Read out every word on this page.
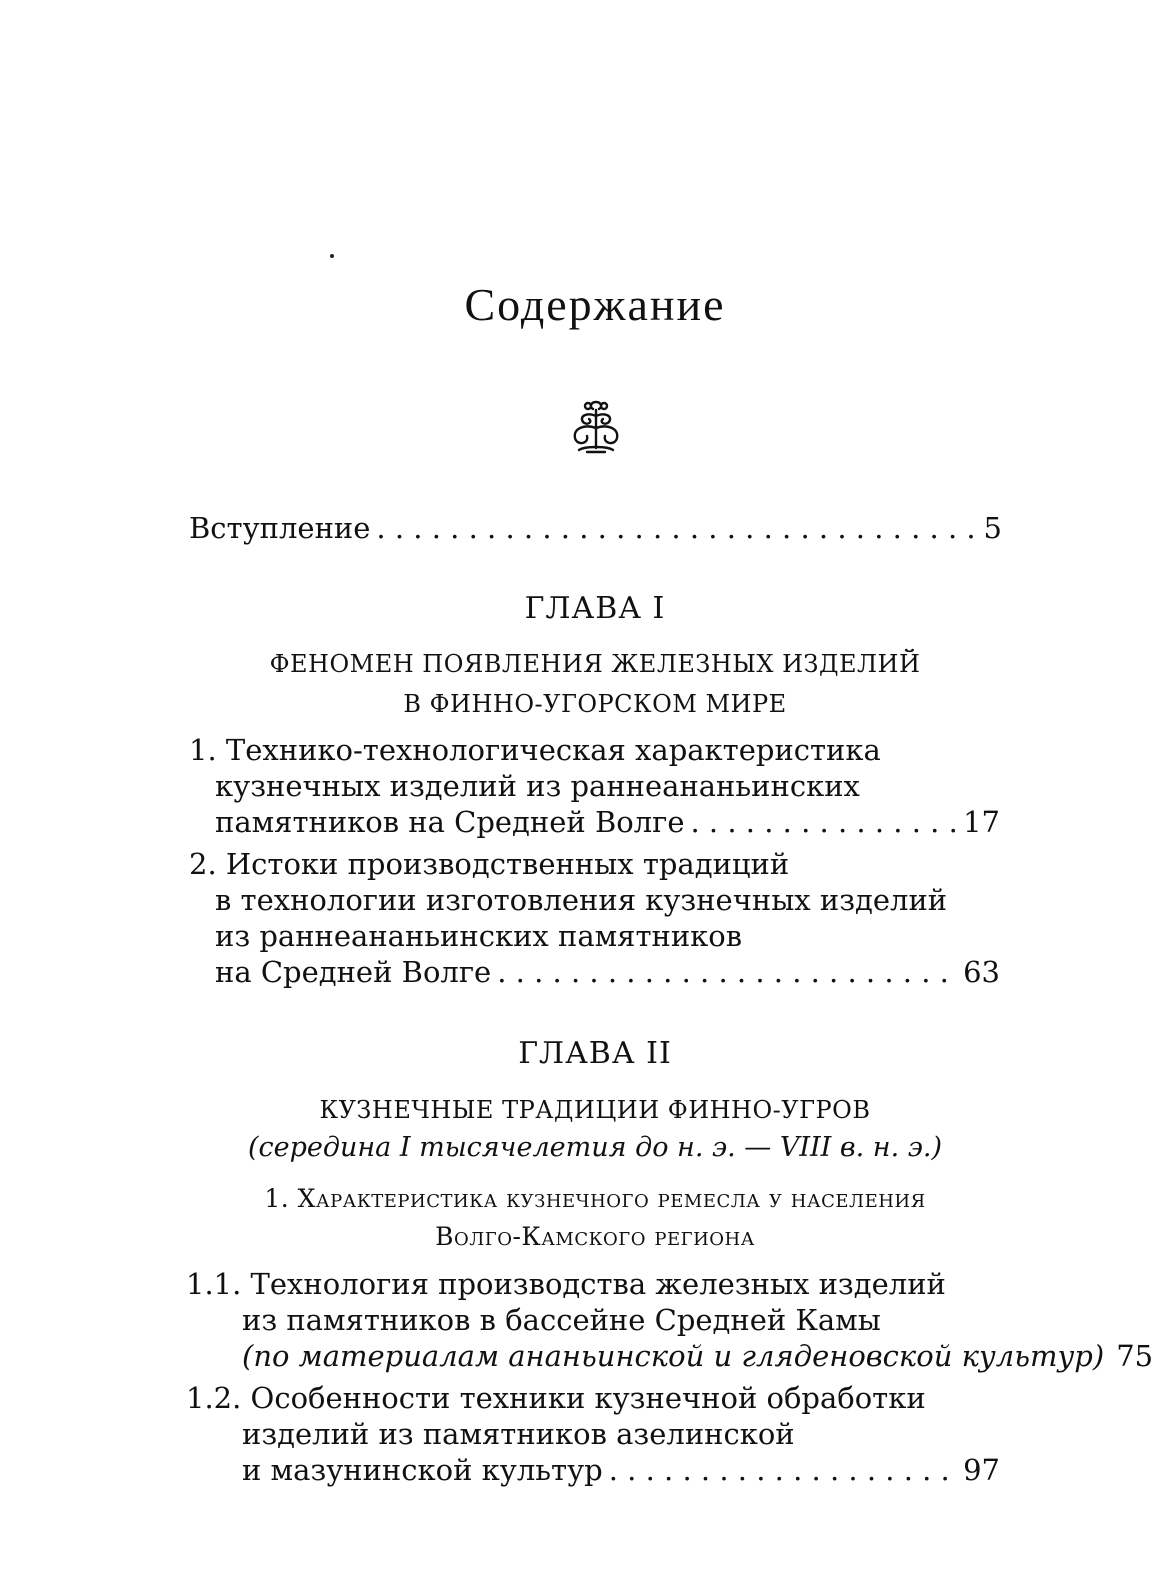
Содержание
Вступление . . .	5
ГЛАВА I
ФЕНОМЕН ПОЯВЛЕНИЯ ЖЕЛЕЗНЫХ ИЗДЕЛИЙ
В ФИННО-УГОРСКОМ МИРЕ
1. Технико-технологическая характеристика
кузнечных изделий из раннеананьинских
памятников на Средней Волге . . .	17
2. Истоки производственных традиций
в технологии изготовления кузнечных изделий
из раннеананьинских памятников
на Средней Волге . . .	63
ГЛАВА II
КУЗНЕЧНЫЕ ТРАДИЦИИ ФИННО-УГРОВ
(середина I тысячелетия до н. э. — VIII в. н. э.)
1. Характеристика кузнечного ремесла у населения
Волго-Камского региона
1.1. Технология производства железных изделий
из памятников в бассейне Средней Камы
(по материалам ананьинской и гляденовской культур) 75
1.2. Особенности техники кузнечной обработки
изделий из памятников азелинской
и мазунинской культур . . .	97
